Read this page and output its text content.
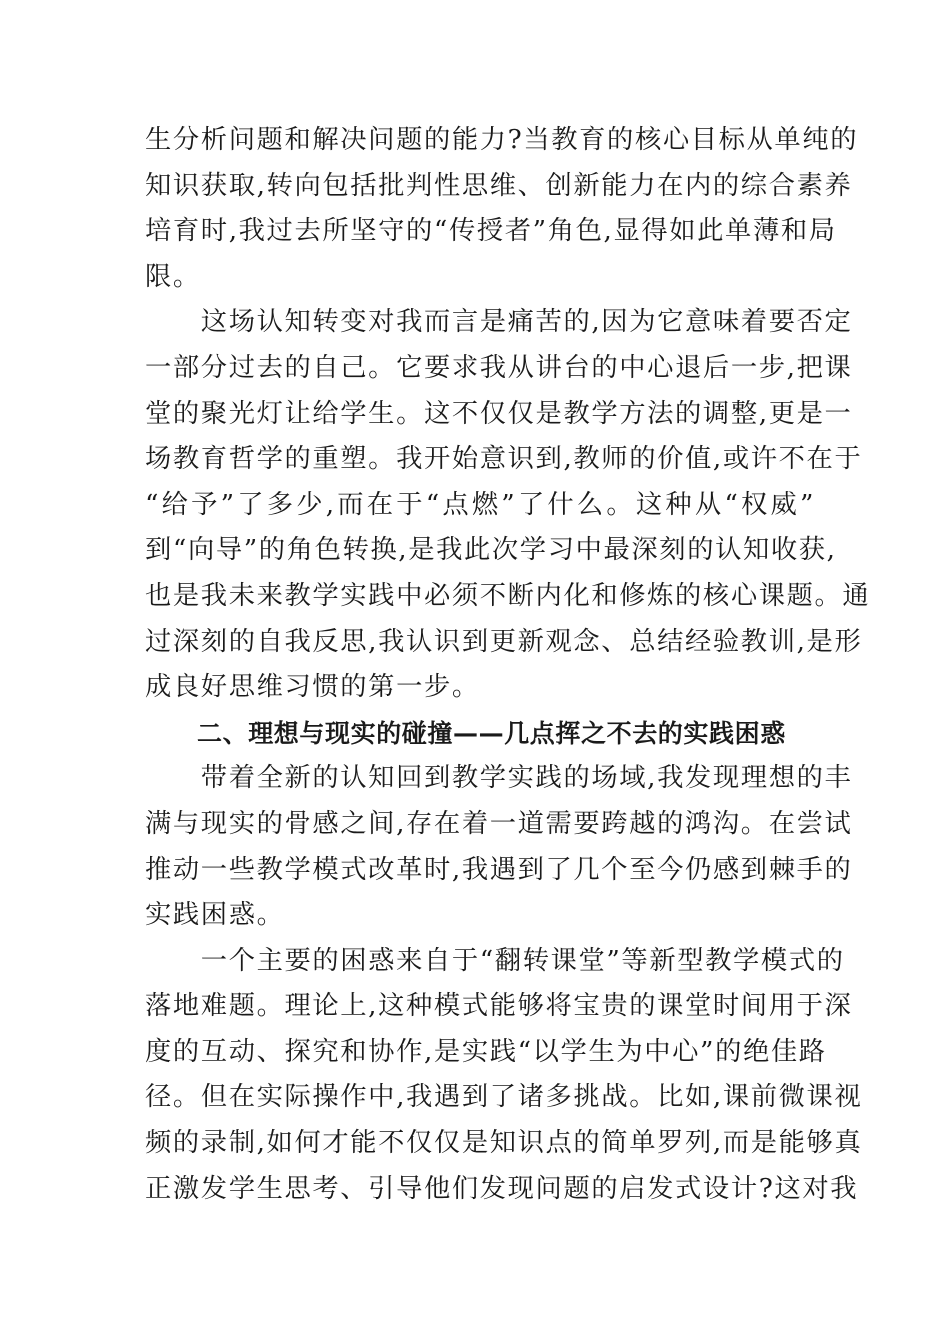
生分析问题和解决问题的能力?当教育的核心目标从单纯的
知识获取,转向包括批判性思维、创新能力在内的综合素养
培育时,我过去所坚守的“传授者”角色,显得如此单薄和局
限。
　　这场认知转变对我而言是痛苦的,因为它意味着要否定
一部分过去的自己。它要求我从讲台的中心退后一步,把课
堂的聚光灯让给学生。这不仅仅是教学方法的调整,更是一
场教育哲学的重塑。我开始意识到,教师的价值,或许不在于
“给予”了多少,而在于“点燃”了什么。这种从“权威”
到“向导”的角色转换,是我此次学习中最深刻的认知收获,
也是我未来教学实践中必须不断内化和修炼的核心课题。通
过深刻的自我反思,我认识到更新观念、总结经验教训,是形
成良好思维习惯的第一步。
二、理想与现实的碰撞——几点挥之不去的实践困惑
　　带着全新的认知回到教学实践的场域,我发现理想的丰
满与现实的骨感之间,存在着一道需要跨越的鸿沟。在尝试
推动一些教学模式改革时,我遇到了几个至今仍感到棘手的
实践困惑。
　　一个主要的困惑来自于“翻转课堂”等新型教学模式的
落地难题。理论上,这种模式能够将宝贵的课堂时间用于深
度的互动、探究和协作,是实践“以学生为中心”的绝佳路
径。但在实际操作中,我遇到了诸多挑战。比如,课前微课视
频的录制,如何才能不仅仅是知识点的简单罗列,而是能够真
正激发学生思考、引导他们发现问题的启发式设计?这对我
